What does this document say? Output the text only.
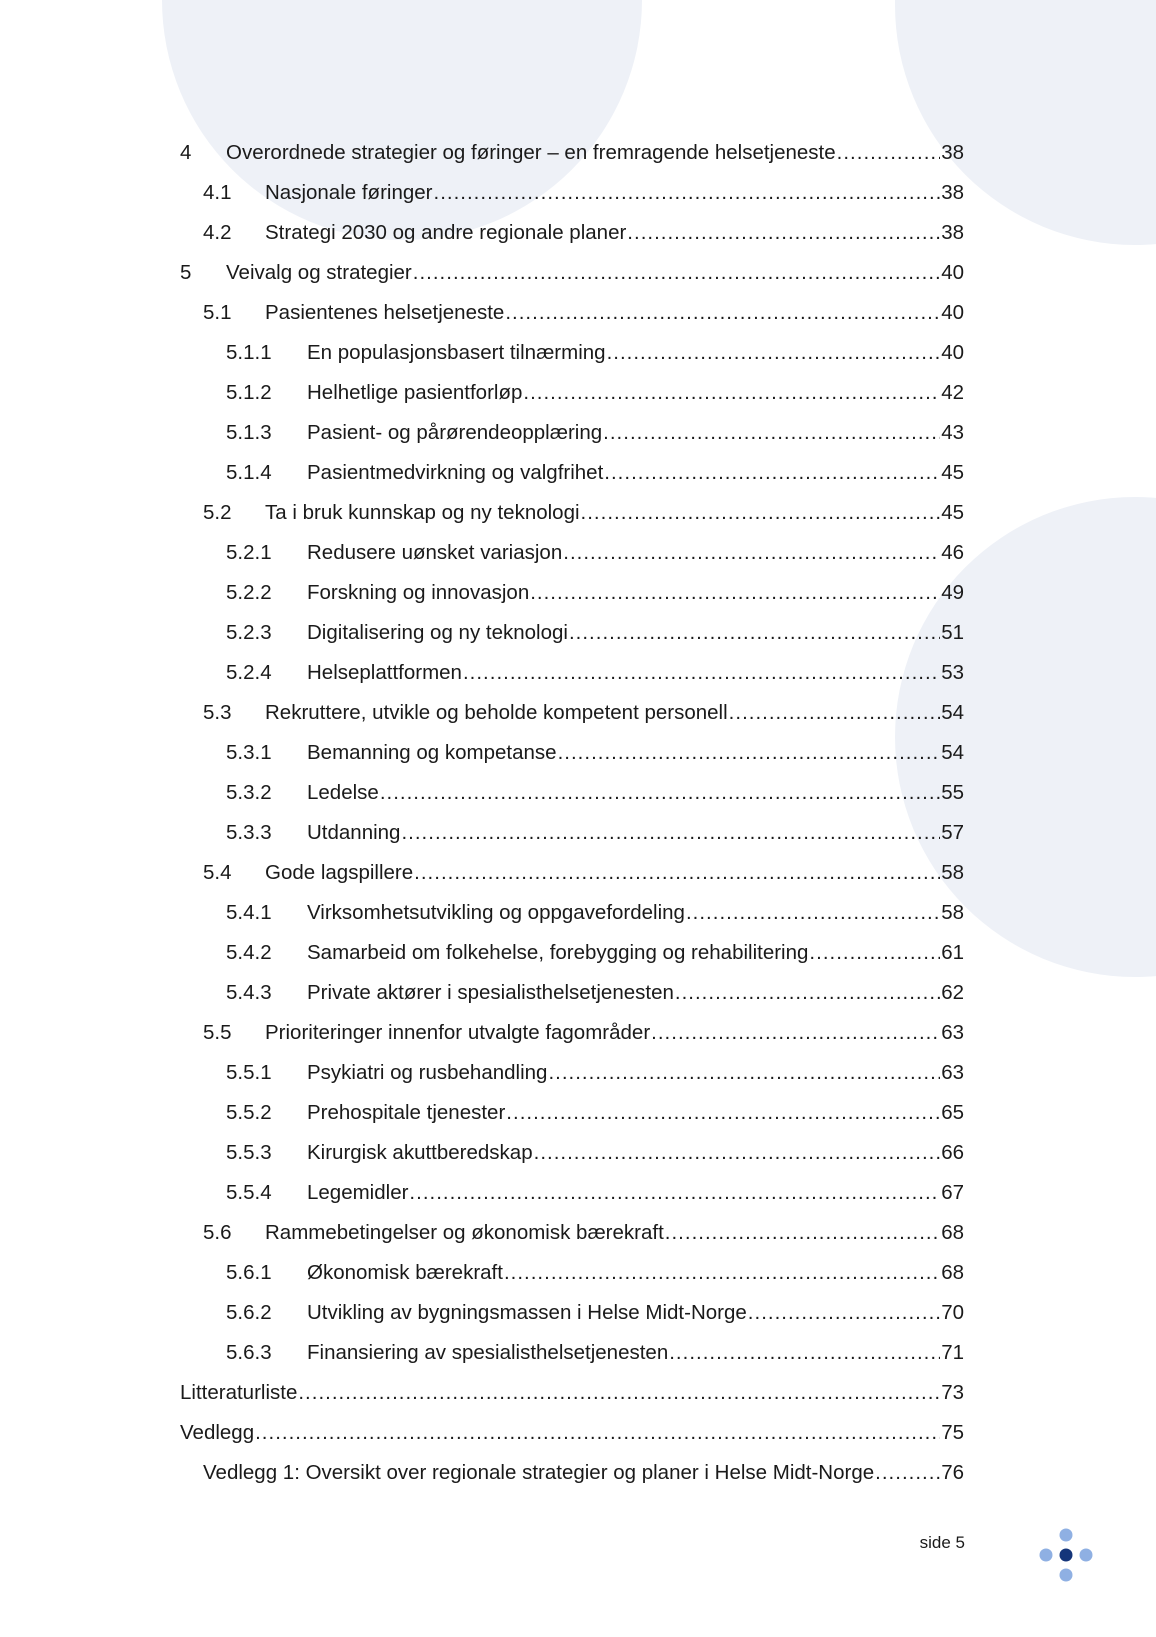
4	Overordnede strategier og føringer – en fremragende helsetjeneste .....	38
4.1	Nasjonale føringer .....	38
4.2	Strategi 2030 og andre regionale planer .....	38
5	Veivalg og strategier .....	40
5.1	Pasientenes helsetjeneste .....	40
5.1.1	En populasjonsbasert tilnærming .....	40
5.1.2	Helhetlige pasientforløp .....	42
5.1.3	Pasient- og pårørendeopplæring .....	43
5.1.4	Pasientmedvirkning og valgfrihet .....	45
5.2	Ta i bruk kunnskap og ny teknologi .....	45
5.2.1	Redusere uønsket variasjon .....	46
5.2.2	Forskning og innovasjon .....	49
5.2.3	Digitalisering og ny teknologi .....	51
5.2.4	Helseplattformen .....	53
5.3	Rekruttere, utvikle og beholde kompetent personell .....	54
5.3.1	Bemanning og kompetanse .....	54
5.3.2	Ledelse .....	55
5.3.3	Utdanning .....	57
5.4	Gode lagspillere .....	58
5.4.1	Virksomhetsutvikling og oppgavefordeling .....	58
5.4.2	Samarbeid om folkehelse, forebygging og rehabilitering .....	61
5.4.3	Private aktører i spesialisthelsetjenesten .....	62
5.5	Prioriteringer innenfor utvalgte fagområder .....	63
5.5.1	Psykiatri og rusbehandling .....	63
5.5.2	Prehospitale tjenester .....	65
5.5.3	Kirurgisk akuttberedskap .....	66
5.5.4	Legemidler .....	67
5.6	Rammebetingelser og økonomisk bærekraft .....	68
5.6.1	Økonomisk bærekraft .....	68
5.6.2	Utvikling av bygningsmassen i Helse Midt-Norge .....	70
5.6.3	Finansiering av spesialisthelsetjenesten .....	71
Litteraturliste .....	73
Vedlegg .....	75
Vedlegg 1: Oversikt over regionale strategier og planer i Helse Midt-Norge .....	76
side 5
